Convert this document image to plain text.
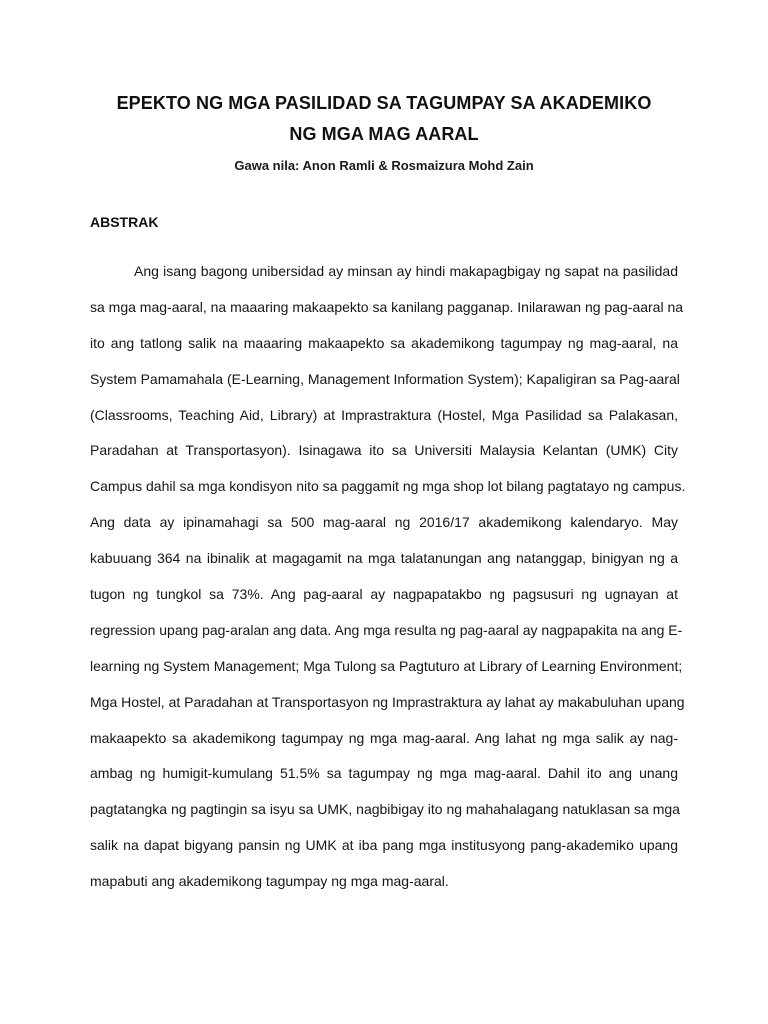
EPEKTO NG MGA PASILIDAD SA TAGUMPAY SA AKADEMIKO
NG MGA MAG AARAL
Gawa nila: Anon Ramli & Rosmaizura Mohd Zain
ABSTRAK
Ang isang bagong unibersidad ay minsan ay hindi makapagbigay ng sapat na pasilidad
sa mga mag-aaral, na maaaring makaapekto sa kanilang pagganap. Inilarawan ng pag-aaral na
ito ang tatlong salik na maaaring makaapekto sa akademikong tagumpay ng mag-aaral, na
System Pamamahala (E-Learning, Management Information System); Kapaligiran sa Pag-aaral
(Classrooms, Teaching Aid, Library) at Imprastraktura (Hostel, Mga Pasilidad sa Palakasan,
Paradahan at Transportasyon). Isinagawa ito sa Universiti Malaysia Kelantan (UMK) City
Campus dahil sa mga kondisyon nito sa paggamit ng mga shop lot bilang pagtatayo ng campus.
Ang data ay ipinamahagi sa 500 mag-aaral ng 2016/17 akademikong kalendaryo. May
kabuuang 364 na ibinalik at magagamit na mga talatanungan ang natanggap, binigyan ng a
tugon ng tungkol sa 73%. Ang pag-aaral ay nagpapatakbo ng pagsusuri ng ugnayan at
regression upang pag-aralan ang data. Ang mga resulta ng pag-aaral ay nagpapakita na ang E-
learning ng System Management; Mga Tulong sa Pagtuturo at Library of Learning Environment;
Mga Hostel, at Paradahan at Transportasyon ng Imprastraktura ay lahat ay makabuluhan upang
makaapekto sa akademikong tagumpay ng mga mag-aaral. Ang lahat ng mga salik ay nag-
ambag ng humigit-kumulang 51.5% sa tagumpay ng mga mag-aaral. Dahil ito ang unang
pagtatangka ng pagtingin sa isyu sa UMK, nagbibigay ito ng mahahalagang natuklasan sa mga
salik na dapat bigyang pansin ng UMK at iba pang mga institusyong pang-akademiko upang
mapabuti ang akademikong tagumpay ng mga mag-aaral.
